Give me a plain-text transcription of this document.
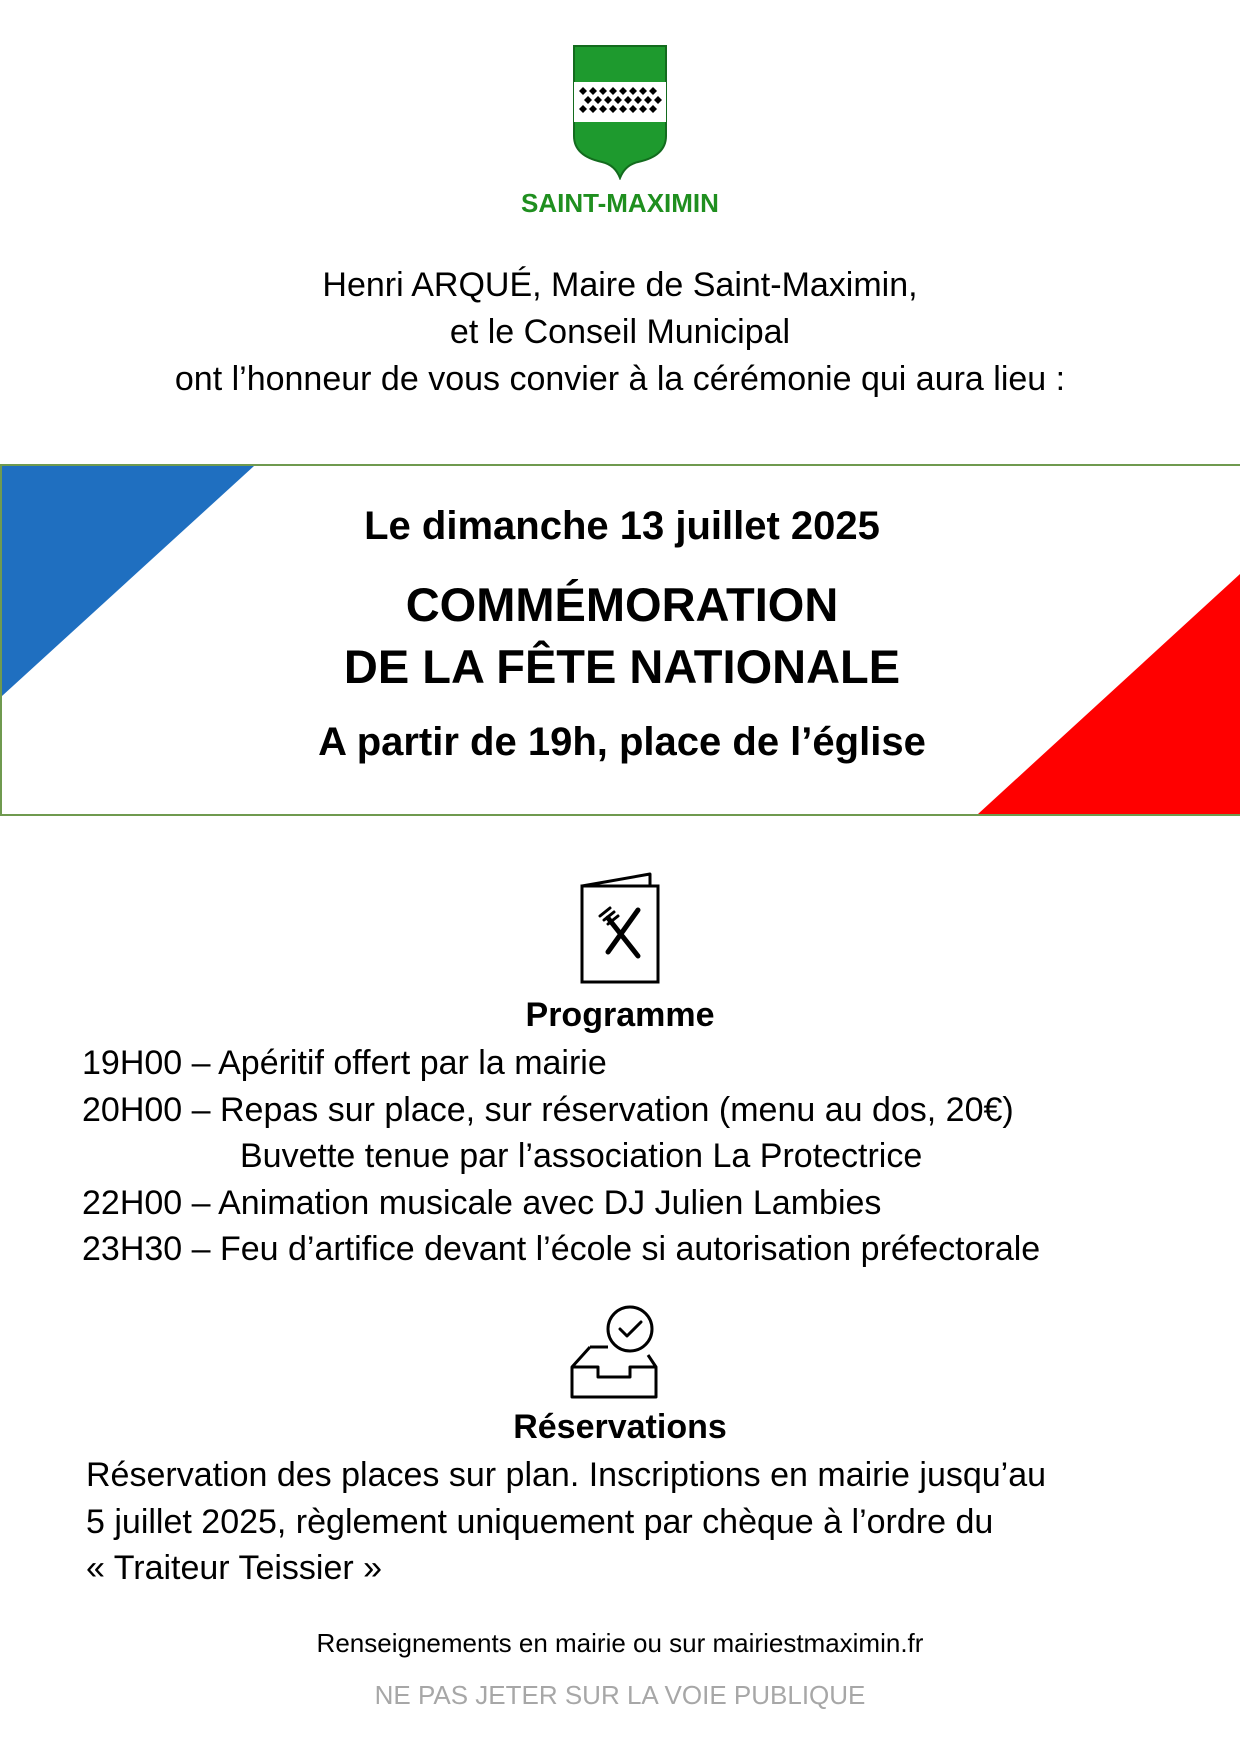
SAINT-MAXIMIN
Henri ARQUÉ, Maire de Saint-Maximin,
et le Conseil Municipal
ont l’honneur de vous convier à la cérémonie qui aura lieu :
Le dimanche 13 juillet 2025
COMMÉMORATION
DE LA FÊTE NATIONALE
A partir de 19h, place de l’église
Programme
19H00 – Apéritif offert par la mairie
20H00 – Repas sur place, sur réservation (menu au dos, 20€)
Buvette tenue par l’association La Protectrice
22H00 – Animation musicale avec DJ Julien Lambies
23H30 – Feu d’artifice devant l’école si autorisation préfectorale
Réservations
Réservation des places sur plan. Inscriptions en mairie jusqu’au
5 juillet 2025, règlement uniquement par chèque à l’ordre du
« Traiteur Teissier »
Renseignements en mairie ou sur mairiestmaximin.fr
NE PAS JETER SUR LA VOIE PUBLIQUE
